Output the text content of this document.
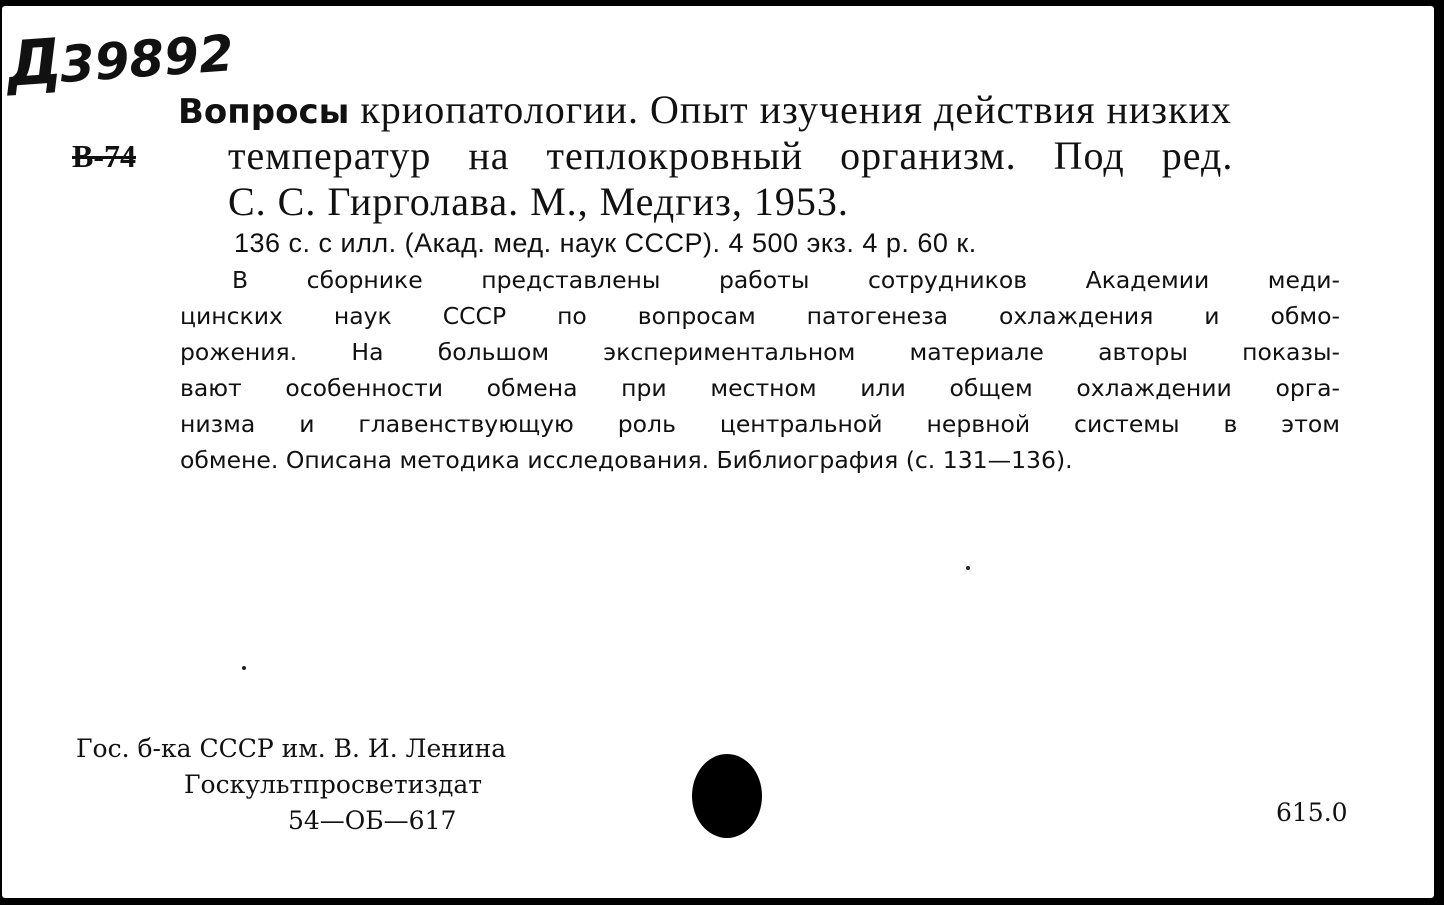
Д39892
В-74
Вопросы криопатологии. Опыт изучения действия низких
температур на теплокровный организм. Под ред.
С. С. Гирголава. М., Медгиз, 1953.
136 с. с илл. (Акад. мед. наук СССР). 4 500 экз. 4 р. 60 к.
В сборнике представлены работы сотрудников Академии меди-
цинских наук СССР по вопросам патогенеза охлаждения и обмо-
рожения. На большом экспериментальном материале авторы показы-
вают особенности обмена при местном или общем охлаждении орга-
низма и главенствующую роль центральной нервной системы в этом
обмене. Описана методика исследования. Библиография (с. 131—136).
Гос. б-ка СССР им. В. И. Ленина
Госкультпросветиздат
54—ОБ—617	615.0
